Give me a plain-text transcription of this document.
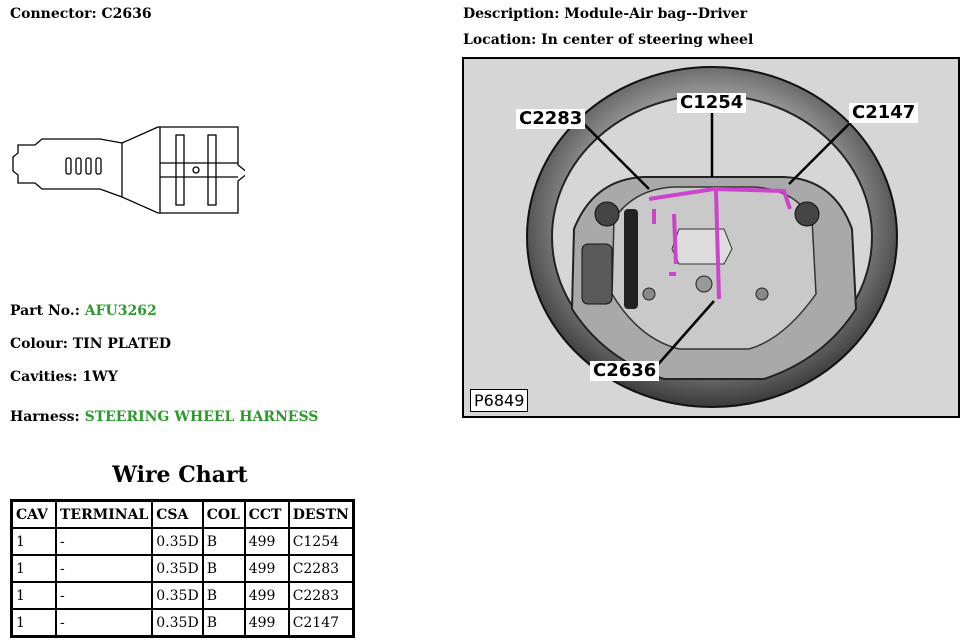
Connector: C2636	Description: Module-Air bag--Driver
Location: In center of steering wheel
Part No.: AFU3262
Colour: TIN PLATED
Cavities: 1WY
Harness: STEERING WHEEL HARNESS
Wire Chart
CAV	TERMINAL	CSA	COL	CCT	DESTN
1	-	0.35D	B	499	C1254
1	-	0.35D	B	499	C2283
1	-	0.35D	B	499	C2283
1	-	0.35D	B	499	C2147
C2283
C1254	C2147
C2636
P6849
